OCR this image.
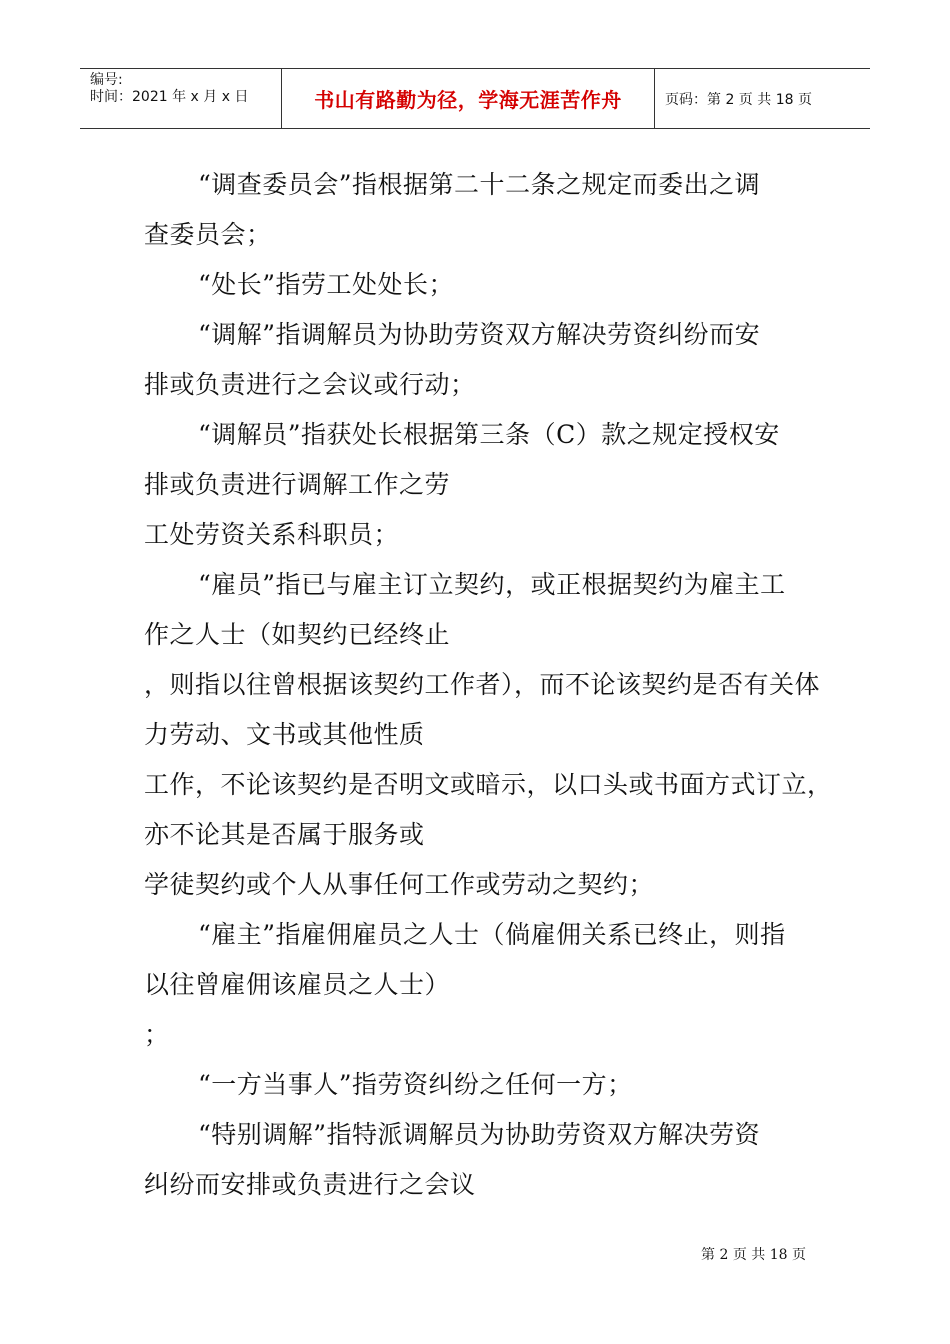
编号:
时间：2021 年 x 月 x 日	书山有路勤为径，学海无涯苦作舟	页码：第 2 页 共 18 页
“调查委员会”指根据第二十二条之规定而委出之调
查委员会；
“处长”指劳工处处长；
“调解”指调解员为协助劳资双方解决劳资纠纷而安
排或负责进行之会议或行动；
“调解员”指获处长根据第三条（C）款之规定授权安
排或负责进行调解工作之劳
工处劳资关系科职员；
“雇员”指已与雇主订立契约，或正根据契约为雇主工
作之人士（如契约已经终止
，则指以往曾根据该契约工作者），而不论该契约是否有关体
力劳动、文书或其他性质
工作，不论该契约是否明文或暗示，以口头或书面方式订立，
亦不论其是否属于服务或
学徒契约或个人从事任何工作或劳动之契约；
“雇主”指雇佣雇员之人士（倘雇佣关系已终止，则指
以往曾雇佣该雇员之人士）
；
“一方当事人”指劳资纠纷之任何一方；
“特别调解”指特派调解员为协助劳资双方解决劳资
纠纷而安排或负责进行之会议
第 2 页 共 18 页
